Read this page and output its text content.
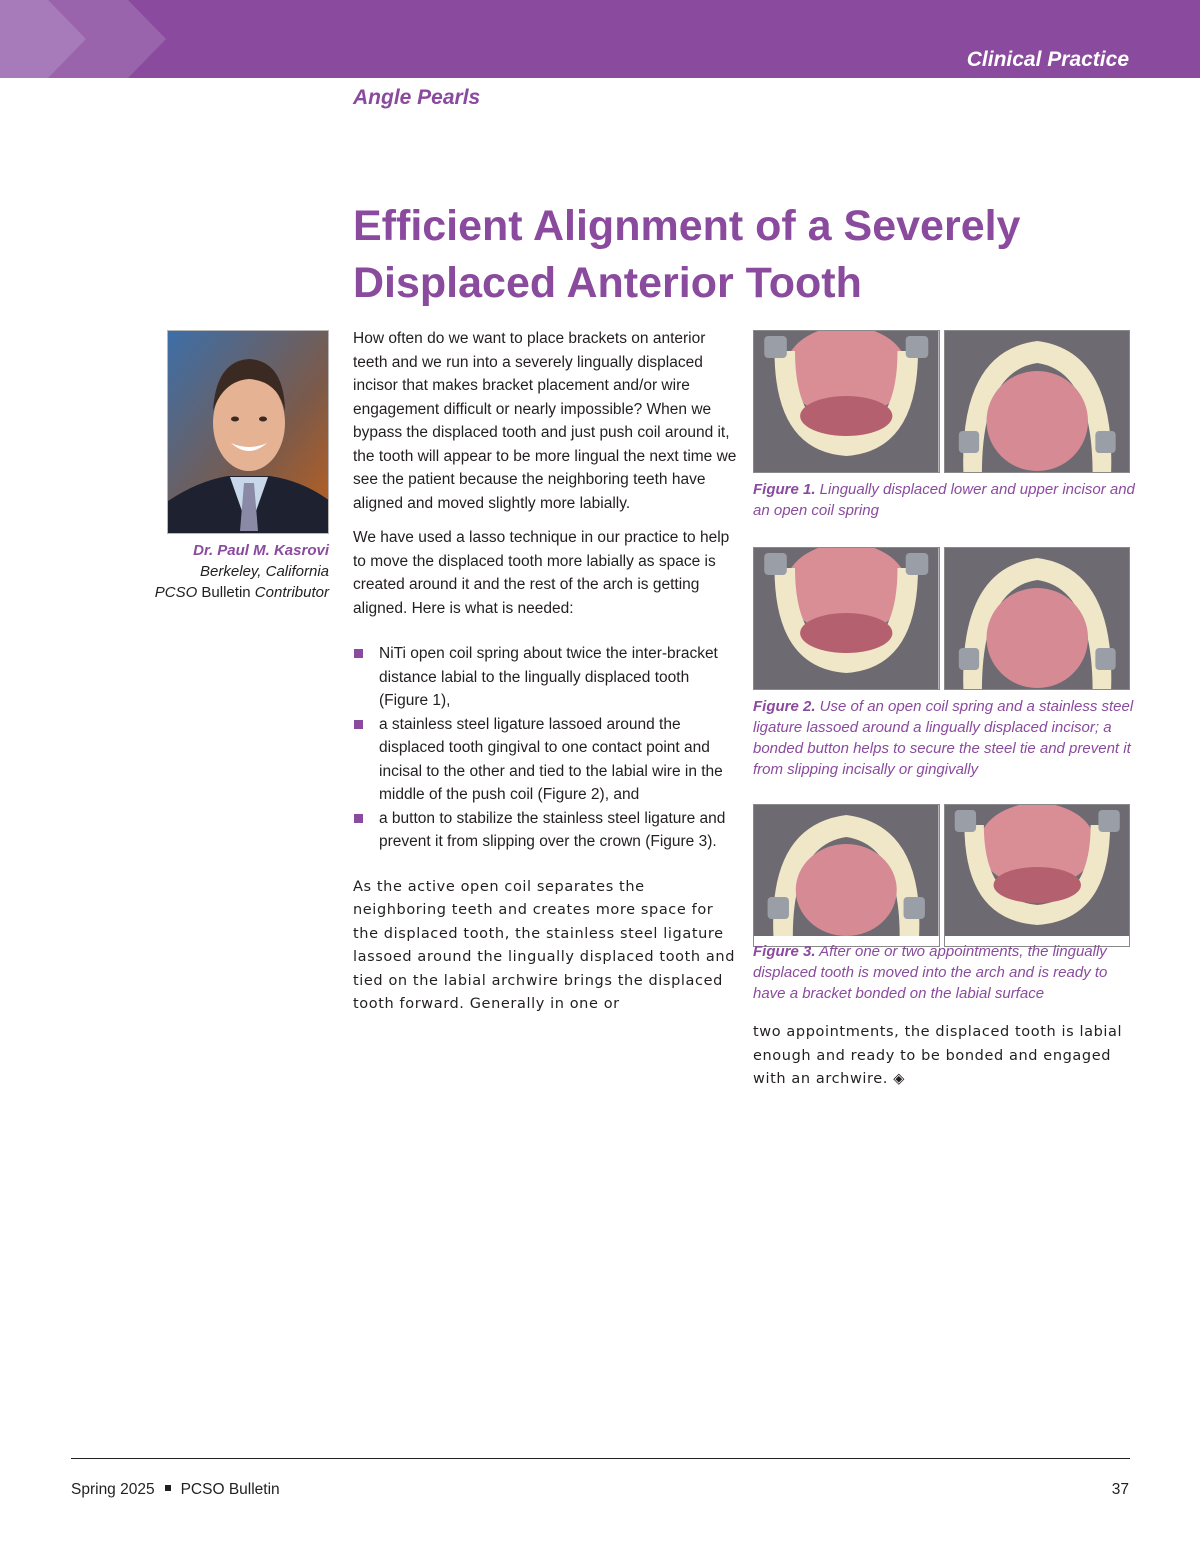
Clinical Practice
Angle Pearls
Efficient Alignment of a Severely
Displaced Anterior Tooth
Dr. Paul M. Kasrovi
Berkeley, California
PCSO Bulletin Contributor

How often do we want to place brackets on anterior teeth and we run into a severely lingually displaced incisor that makes bracket placement and/or wire engagement difficult or nearly impossible? When we bypass the displaced tooth and just push coil around it, the tooth will appear to be more lingual the next time we see the patient because the neighboring teeth have aligned and moved slightly more labially.

We have used a lasso technique in our practice to help to move the displaced tooth more labially as space is created around it and the rest of the arch is getting aligned. Here is what is needed:

NiTi open coil spring about twice the inter-bracket distance labial to the lingually displaced tooth (Figure 1),
a stainless steel ligature lassoed around the displaced tooth gingival to one contact point and incisal to the other and tied to the labial wire in the middle of the push coil (Figure 2), and
a button to stabilize the stainless steel ligature and prevent it from slipping over the crown (Figure 3).

As the active open coil separates the neighboring teeth and creates more space for the displaced tooth, the stainless steel ligature lassoed around the lingually displaced tooth and tied on the labial archwire brings the displaced tooth forward. Generally in one or

Figure 1. Lingually displaced lower and upper incisor and an open coil spring
Figure 2. Use of an open coil spring and a stainless steel ligature lassoed around a lingually displaced incisor; a bonded button helps to secure the steel tie and prevent it from slipping incisally or gingivally
Figure 3. After one or two appointments, the lingually displaced tooth is moved into the arch and is ready to have a bracket bonded on the labial surface
two appointments, the displaced tooth is labial enough and ready to be bonded and engaged with an archwire. ◈
Spring 2025 PCSO Bulletin	37
